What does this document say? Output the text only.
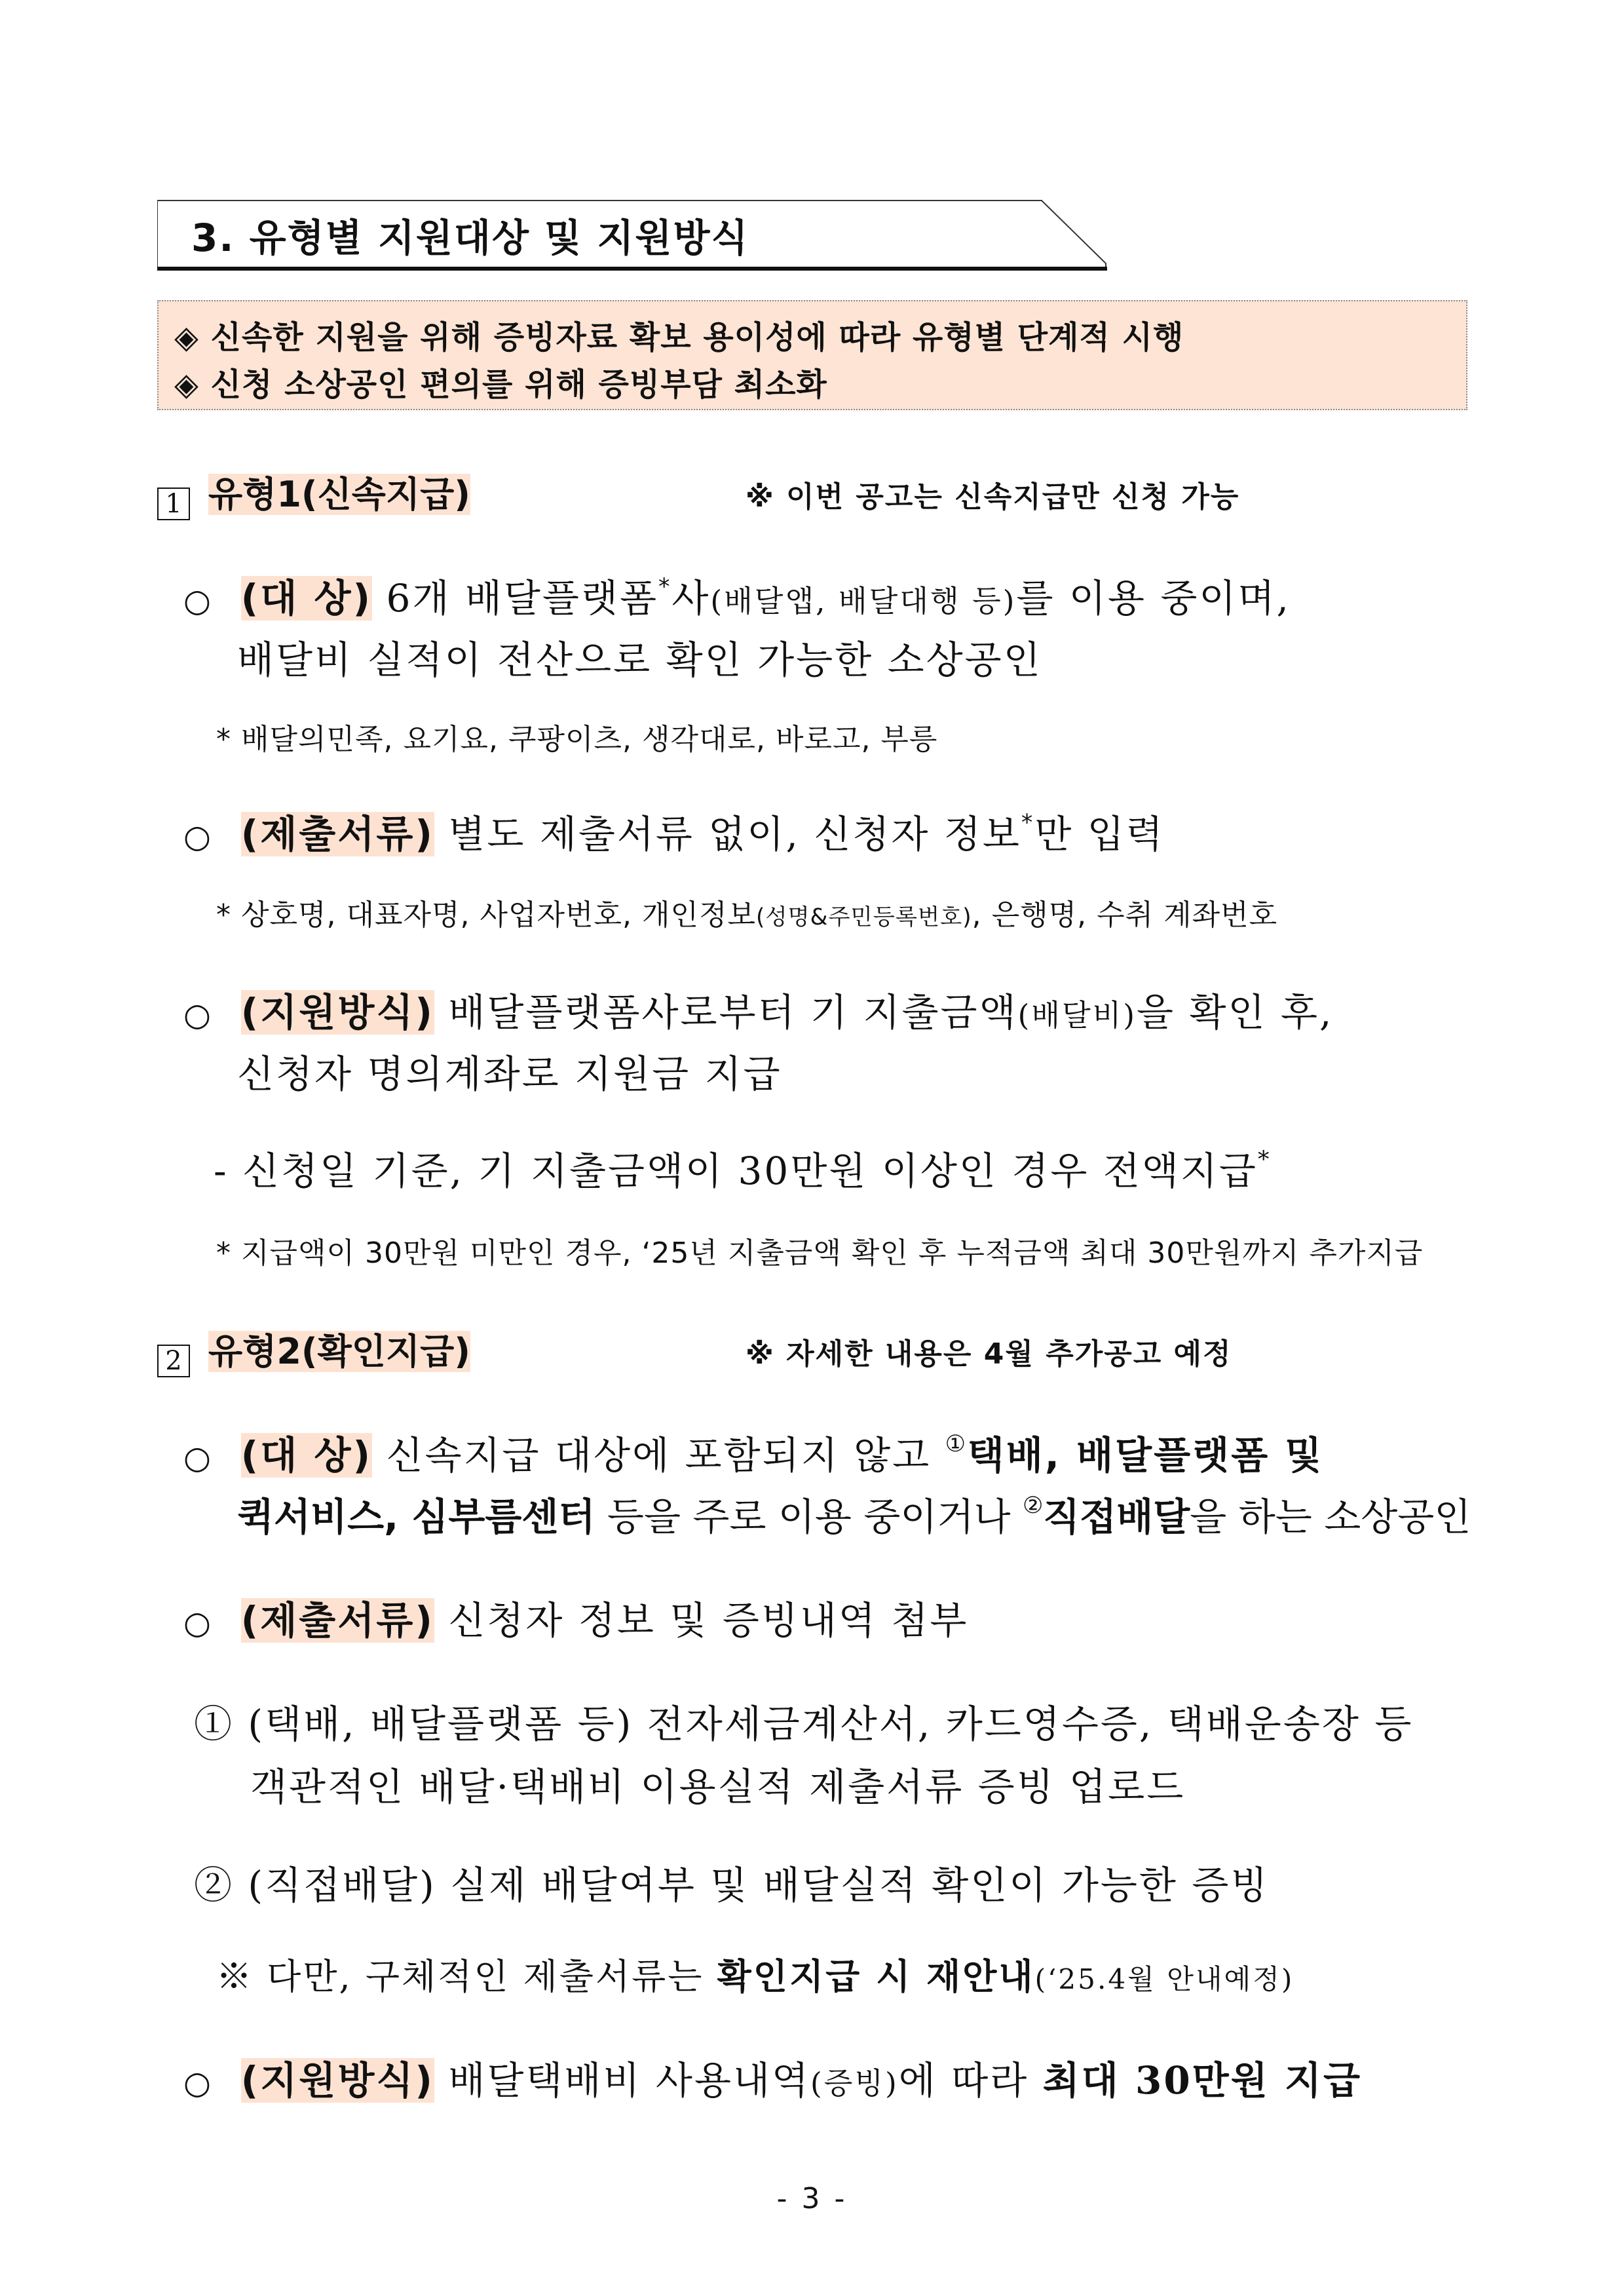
3. 유형별 지원대상 및 지원방식
◈ 신속한 지원을 위해 증빙자료 확보 용이성에 따라 유형별 단계적 시행
◈ 신청 소상공인 편의를 위해 증빙부담 최소화
1 유형1(신속지급)	※ 이번 공고는 신속지급만 신청 가능
○ (대 상) 6개 배달플랫폼*사(배달앱, 배달대행 등)를 이용 중이며,
배달비 실적이 전산으로 확인 가능한 소상공인
* 배달의민족, 요기요, 쿠팡이츠, 생각대로, 바로고, 부릉
○ (제출서류) 별도 제출서류 없이, 신청자 정보*만 입력
* 상호명, 대표자명, 사업자번호, 개인정보(성명&주민등록번호), 은행명, 수취 계좌번호
○ (지원방식) 배달플랫폼사로부터 기 지출금액(배달비)을 확인 후,
신청자 명의계좌로 지원금 지급
- 신청일 기준, 기 지출금액이 30만원 이상인 경우 전액지급*
* 지급액이 30만원 미만인 경우, ‘25년 지출금액 확인 후 누적금액 최대 30만원까지 추가지급
2 유형2(확인지급)	※ 자세한 내용은 4월 추가공고 예정
○ (대 상) 신속지급 대상에 포함되지 않고 ①택배, 배달플랫폼 및
퀵서비스, 심부름센터 등을 주로 이용 중이거나 ②직접배달을 하는 소상공인
○ (제출서류) 신청자 정보 및 증빙내역 첨부
① (택배, 배달플랫폼 등) 전자세금계산서, 카드영수증, 택배운송장 등
객관적인 배달·택배비 이용실적 제출서류 증빙 업로드
② (직접배달) 실제 배달여부 및 배달실적 확인이 가능한 증빙
※ 다만, 구체적인 제출서류는 확인지급 시 재안내(‘25.4월 안내예정)
○ (지원방식) 배달택배비 사용내역(증빙)에 따라 최대 30만원 지급
- 3 -
